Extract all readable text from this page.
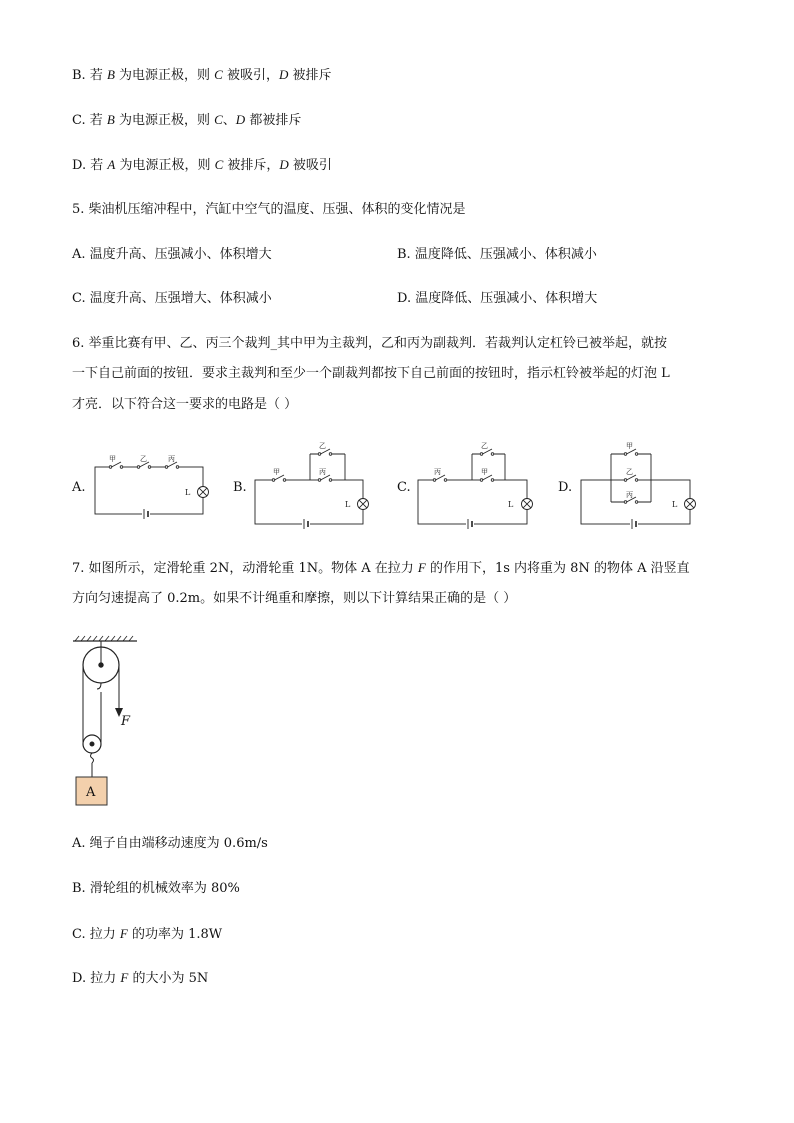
B. 若 B 为电源正极，则 C 被吸引，D 被排斥
C. 若 B 为电源正极，则 C、D 都被排斥
D. 若 A 为电源正极，则 C 被排斥，D 被吸引
5. 柴油机压缩冲程中，汽缸中空气的温度、压强、体积的变化情况是
A. 温度升高、压强减小、体积增大	B. 温度降低、压强减小、体积减小
C. 温度升高、压强增大、体积减小	D. 温度降低、压强减小、体积增大
6. 举重比赛有甲、乙、丙三个裁判_其中甲为主裁判，乙和丙为副裁判．若裁判认定杠铃已被举起，就按
一下自己前面的按钮．要求主裁判和至少一个副裁判都按下自己前面的按钮时，指示杠铃被举起的灯泡 L
才亮．以下符合这一要求的电路是（ ）
A.	B.	C.	D.
甲	乙	丙
L
甲
乙
丙
L
丙
乙
甲
L
甲
乙
丙
L
F
A
7. 如图所示，定滑轮重 2N，动滑轮重 1N。物体 A 在拉力 F 的作用下，1s 内将重为 8N 的物体 A 沿竖直
方向匀速提高了 0.2m。如果不计绳重和摩擦，则以下计算结果正确的是（ ）
A. 绳子自由端移动速度为 0.6m/s
B. 滑轮组的机械效率为 80%
C. 拉力 F 的功率为 1.8W
D. 拉力 F 的大小为 5N
